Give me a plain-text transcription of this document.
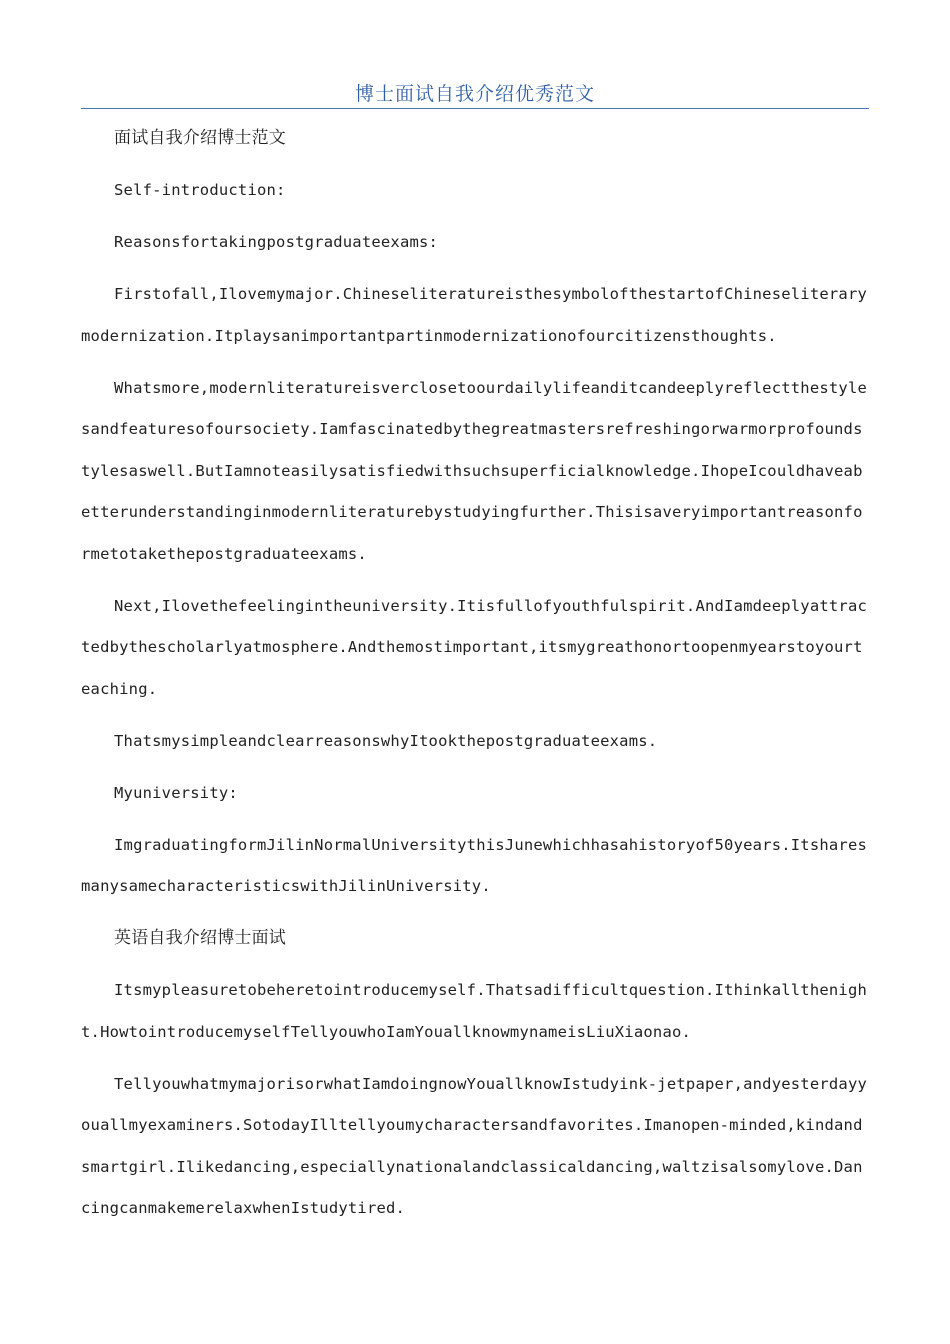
博士面试自我介绍优秀范文

面试自我介绍博士范文

Self-introduction:

Reasonsfortakingpostgraduateexams:

Firstofall,Ilovemymajor.ChineseliteratureisthesymbolofthestartofChineseliterarymodernization.Itplaysanimportantpartinmodernizationofourcitizensthoughts.

Whatsmore,modernliteratureisverclosetoourdailylifeanditcandeeplyreflectthestylesandfeaturesofoursociety.Iamfascinatedbythegreatmastersrefreshingorwarmorprofoundstylesaswell.ButIamnoteasilysatisfiedwithsuchsuperficialknowledge.IhopeIcouldhaveabetterunderstandinginmodernliteraturebystudyingfurther.Thisisaveryimportantreasonformetotakethepostgraduateexams.

Next,Ilovethefeelingintheuniversity.Itisfullofyouthfulspirit.AndIamdeeplyattractedbythescholarlyatmosphere.Andthemostimportant,itsmygreathonortoopenmyearstoyourteaching.

ThatsmysimpleandclearreasonswhyItookthepostgraduateexams.

Myuniversity:

ImgraduatingformJilinNormalUniversitythisJunewhichhasahistoryof50years.ItsharesmanysamecharacteristicswithJilinUniversity.

英语自我介绍博士面试

Itsmypleasuretobeheretointroducemyself.Thatsadifficultquestion.Ithinkallthenight.HowtointroducemyselfTellyouwhoIamYouallknowmynameisLiuXiaonao.

TellyouwhatmymajorisorwhatIamdoingnowYouallknowIstudyink-jetpaper,andyesterdayyouallmyexaminers.SotodayIlltellyoumycharactersandfavorites.Imanopen-minded,kindandsmartgirl.Ilikedancing,especiallynationalandclassicaldancing,waltzisalsomylove.DancingcanmakemerelaxwhenIstudytired.
